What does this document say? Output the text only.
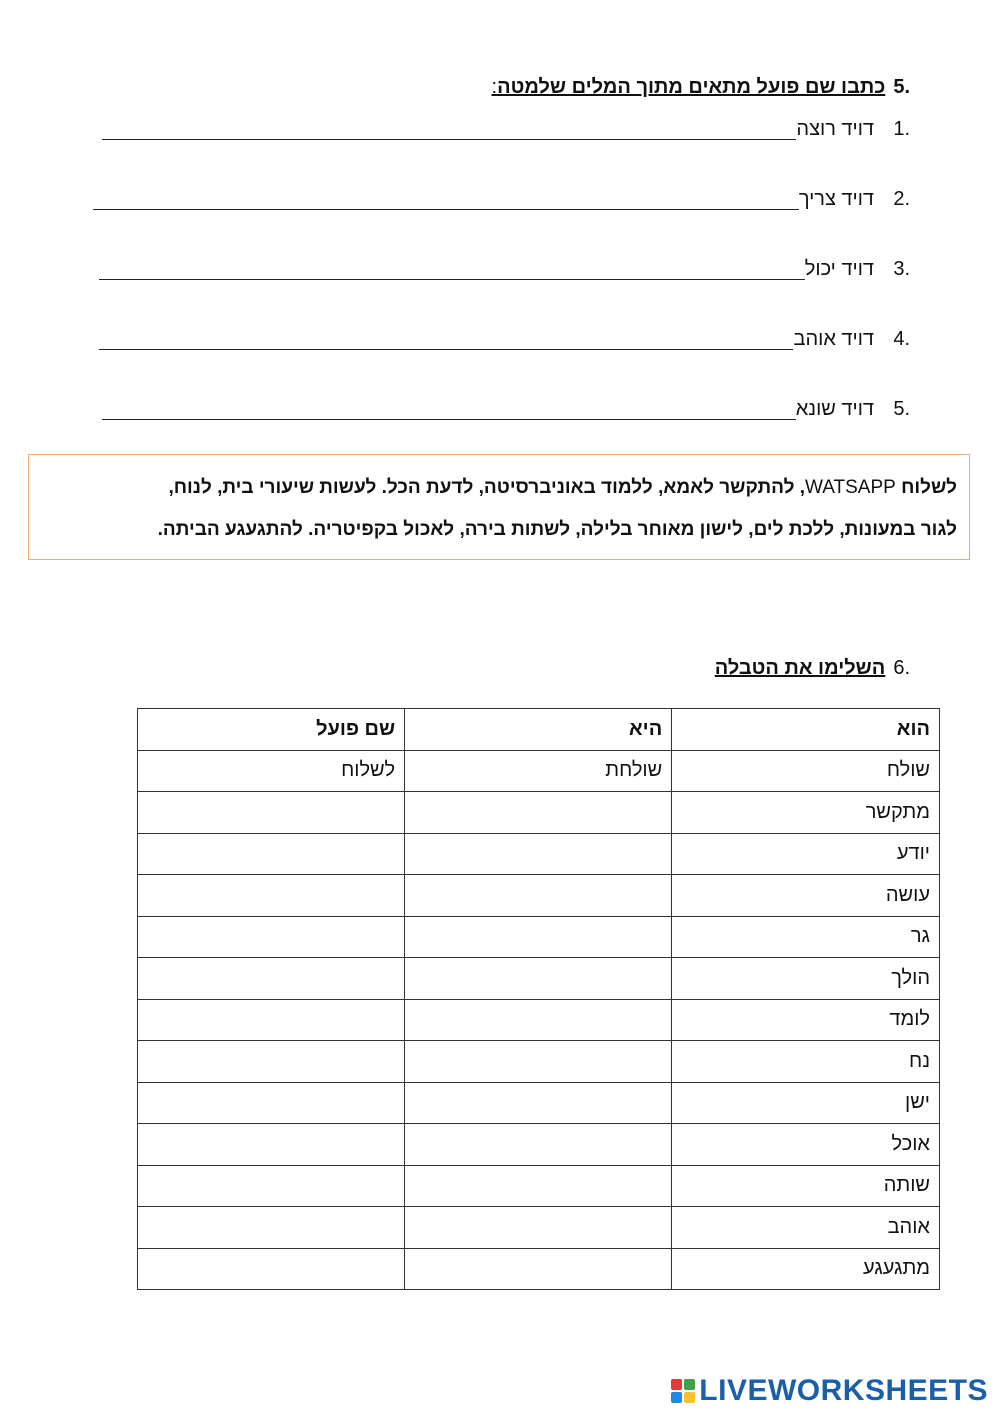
.5כתבו שם פועל מתאים מתוך המלים שלמטה:
.1
דויד רוצה
.2
דויד צריך
.3
דויד יכול
.4
דויד אוהב
.5
דויד שונא
לשלוח WATSAPP, להתקשר לאמא, ללמוד באוניברסיטה, לדעת הכל. לעשות שיעורי בית, לנוח,
לגור במעונות, ללכת לים, לישון מאוחר בלילה, לשתות בירה, לאכול בקפיטריה. להתגעגע הביתה.
.6השלימו את הטבלה
הוא	היא	שם פועל
שולח	שולחת	לשלוח
מתקשר		
יודע		
עושה		
גר		
הולך		
לומד		
נח		
ישן		
אוכל		
שותה		
אוהב		
מתגעגע		
LIVEWORKSHEETS
